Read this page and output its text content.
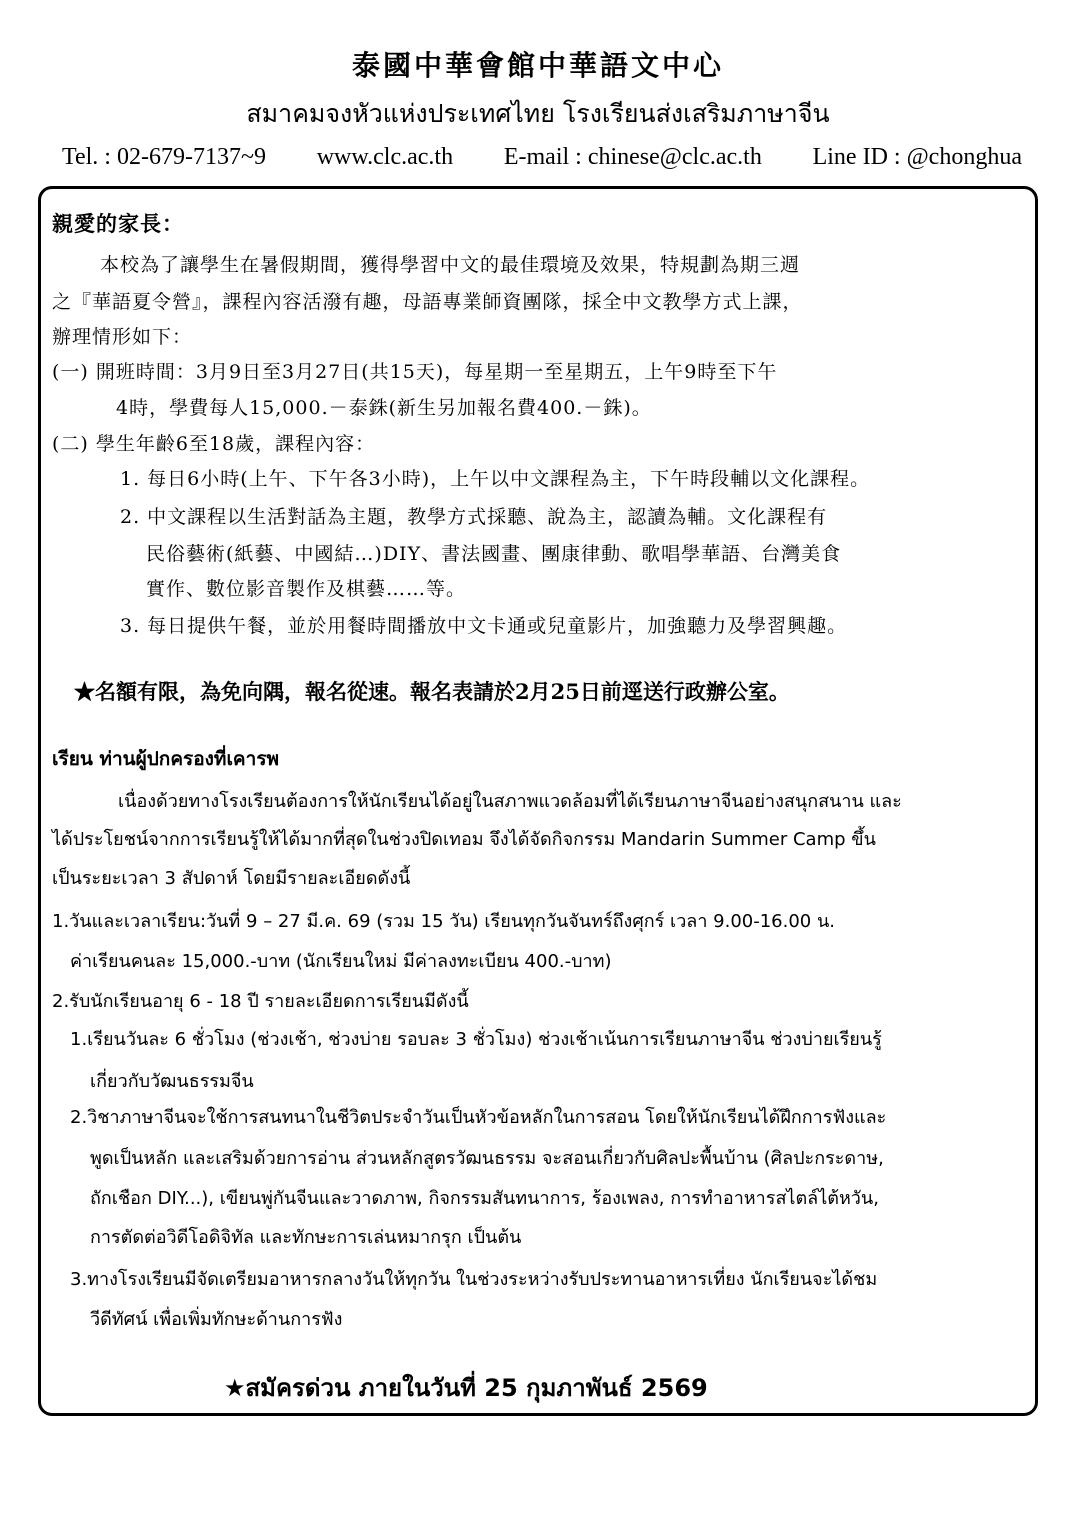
泰國中華會館中華語文中心
สมาคมจงหัวแห่งประเทศไทย โรงเรียนส่งเสริมภาษาจีน
Tel. : 02-679-7137~9 www.clc.ac.th E-mail : chinese@clc.ac.th Line ID : @chonghua
親愛的家長：
本校為了讓學生在暑假期間，獲得學習中文的最佳環境及效果，特規劃為期三週
之『華語夏令營』，課程內容活潑有趣，母語專業師資團隊，採全中文教學方式上課，
辦理情形如下：
(一) 開班時間：3月9日至3月27日(共15天)，每星期一至星期五，上午9時至下午
4時，學費每人15,000.－泰銖(新生另加報名費400.－銖)。
(二) 學生年齡6至18歲，課程內容：
1. 每日6小時(上午、下午各3小時)，上午以中文課程為主，下午時段輔以文化課程。
2. 中文課程以生活對話為主題，教學方式採聽、說為主，認讀為輔。文化課程有
民俗藝術(紙藝、中國結…)DIY、書法國畫、團康律動、歌唱學華語、台灣美食
實作、數位影音製作及棋藝……等。
3. 每日提供午餐，並於用餐時間播放中文卡通或兒童影片，加強聽力及學習興趣。
★名額有限，為免向隅，報名從速。報名表請於2月25日前逕送行政辦公室。
เรียน ท่านผู้ปกครองที่เคารพ
เนื่องด้วยทางโรงเรียนต้องการให้นักเรียนได้อยู่ในสภาพแวดล้อมที่ได้เรียนภาษาจีนอย่างสนุกสนาน และ
ได้ประโยชน์จากการเรียนรู้ให้ได้มากที่สุดในช่วงปิดเทอม จึงได้จัดกิจกรรม Mandarin Summer Camp ขึ้น
เป็นระยะเวลา 3 สัปดาห์ โดยมีรายละเอียดดังนี้
1.วันและเวลาเรียน:วันที่ 9 – 27 มี.ค. 69 (รวม 15 วัน) เรียนทุกวันจันทร์ถึงศุกร์ เวลา 9.00-16.00 น.
ค่าเรียนคนละ 15,000.-บาท (นักเรียนใหม่ มีค่าลงทะเบียน 400.-บาท)
2.รับนักเรียนอายุ 6 - 18 ปี รายละเอียดการเรียนมีดังนี้
1.เรียนวันละ 6 ชั่วโมง (ช่วงเช้า, ช่วงบ่าย รอบละ 3 ชั่วโมง) ช่วงเช้าเน้นการเรียนภาษาจีน ช่วงบ่ายเรียนรู้
เกี่ยวกับวัฒนธรรมจีน
2.วิชาภาษาจีนจะใช้การสนทนาในชีวิตประจำวันเป็นหัวข้อหลักในการสอน โดยให้นักเรียนได้ฝึกการฟังและ
พูดเป็นหลัก และเสริมด้วยการอ่าน ส่วนหลักสูตรวัฒนธรรม จะสอนเกี่ยวกับศิลปะพื้นบ้าน (ศิลปะกระดาษ,
ถักเชือก DIY...), เขียนพู่กันจีนและวาดภาพ, กิจกรรมสันทนาการ, ร้องเพลง, การทำอาหารสไตล์ไต้หวัน,
การตัดต่อวิดีโอดิจิทัล และทักษะการเล่นหมากรุก เป็นต้น
3.ทางโรงเรียนมีจัดเตรียมอาหารกลางวันให้ทุกวัน ในช่วงระหว่างรับประทานอาหารเที่ยง นักเรียนจะได้ชม
วีดีทัศน์ เพื่อเพิ่มทักษะด้านการฟัง
★สมัครด่วน ภายในวันที่ 25 กุมภาพันธ์ 2569
